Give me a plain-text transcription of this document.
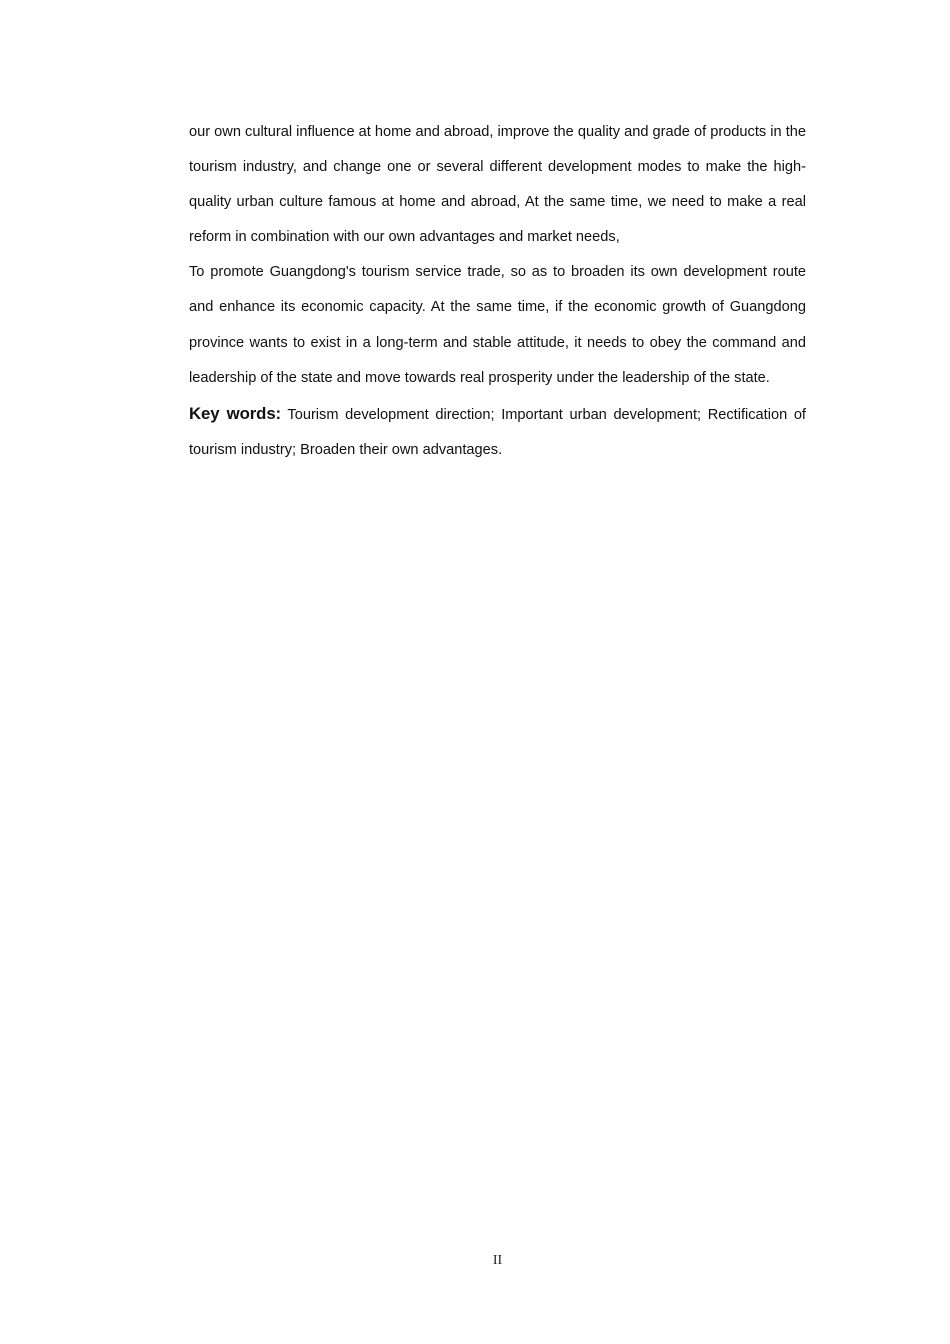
our own cultural influence at home and abroad, improve the quality and grade of products in the tourism industry, and change one or several different development modes to make the high-quality urban culture famous at home and abroad, At the same time, we need to make a real reform in combination with our own advantages and market needs,

To promote Guangdong's tourism service trade, so as to broaden its own development route and enhance its economic capacity. At the same time, if the economic growth of Guangdong province wants to exist in a long-term and stable attitude, it needs to obey the command and leadership of the state and move towards real prosperity under the leadership of the state.

Key words: Tourism development direction; Important urban development; Rectification of tourism industry; Broaden their own advantages.

II
